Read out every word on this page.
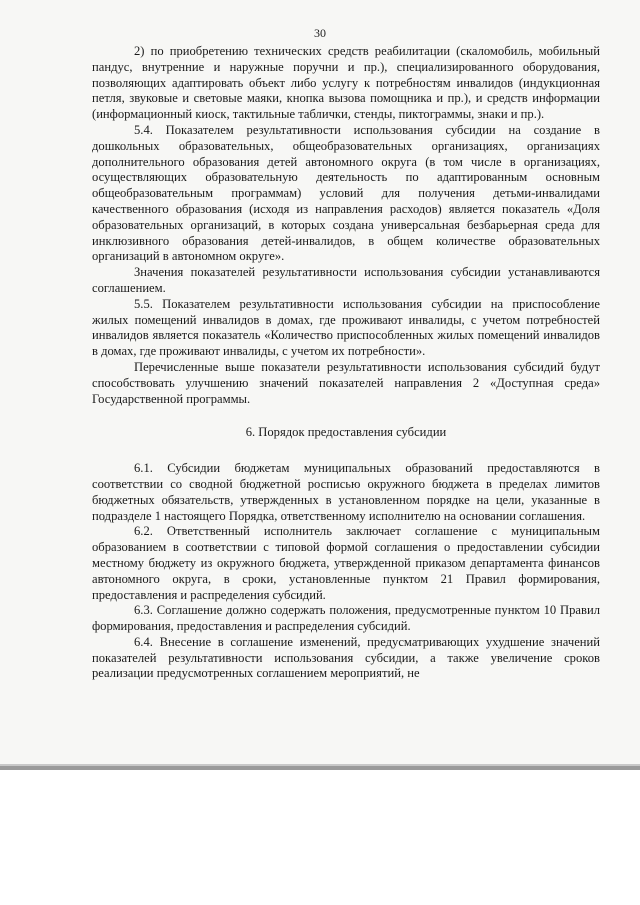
30

2) по приобретению технических средств реабилитации (скаломобиль, мобильный пандус, внутренние и наружные поручни и пр.), специализированного оборудования, позволяющих адаптировать объект либо услугу к потребностям инвалидов (индукционная петля, звуковые и световые маяки, кнопка вызова помощника и пр.), и средств информации (информационный киоск, тактильные таблички, стенды, пиктограммы, знаки и пр.).

5.4. Показателем результативности использования субсидии на создание в дошкольных образовательных, общеобразовательных организациях, организациях дополнительного образования детей автономного округа (в том числе в организациях, осуществляющих образовательную деятельность по адаптированным основным общеобразовательным программам) условий для получения детьми-инвалидами качественного образования (исходя из направления расходов) является показатель «Доля образовательных организаций, в которых создана универсальная безбарьерная среда для инклюзивного образования детей-инвалидов, в общем количестве образовательных организаций в автономном округе».

Значения показателей результативности использования субсидии устанавливаются соглашением.

5.5. Показателем результативности использования субсидии на приспособление жилых помещений инвалидов в домах, где проживают инвалиды, с учетом потребностей инвалидов является показатель «Количество приспособленных жилых помещений инвалидов в домах, где проживают инвалиды, с учетом их потребности».

Перечисленные выше показатели результативности использования субсидий будут способствовать улучшению значений показателей направления 2 «Доступная среда» Государственной программы.

6. Порядок предоставления субсидии

6.1. Субсидии бюджетам муниципальных образований предоставляются в соответствии со сводной бюджетной росписью окружного бюджета в пределах лимитов бюджетных обязательств, утвержденных в установленном порядке на цели, указанные в подразделе 1 настоящего Порядка, ответственному исполнителю на основании соглашения.

6.2. Ответственный исполнитель заключает соглашение с муниципальным образованием в соответствии с типовой формой соглашения о предоставлении субсидии местному бюджету из окружного бюджета, утвержденной приказом департамента финансов автономного округа, в сроки, установленные пунктом 21 Правил формирования, предоставления и распределения субсидий.

6.3. Соглашение должно содержать положения, предусмотренные пунктом 10 Правил формирования, предоставления и распределения субсидий.

6.4. Внесение в соглашение изменений, предусматривающих ухудшение значений показателей результативности использования субсидии, а также увеличение сроков реализации предусмотренных соглашением мероприятий, не
